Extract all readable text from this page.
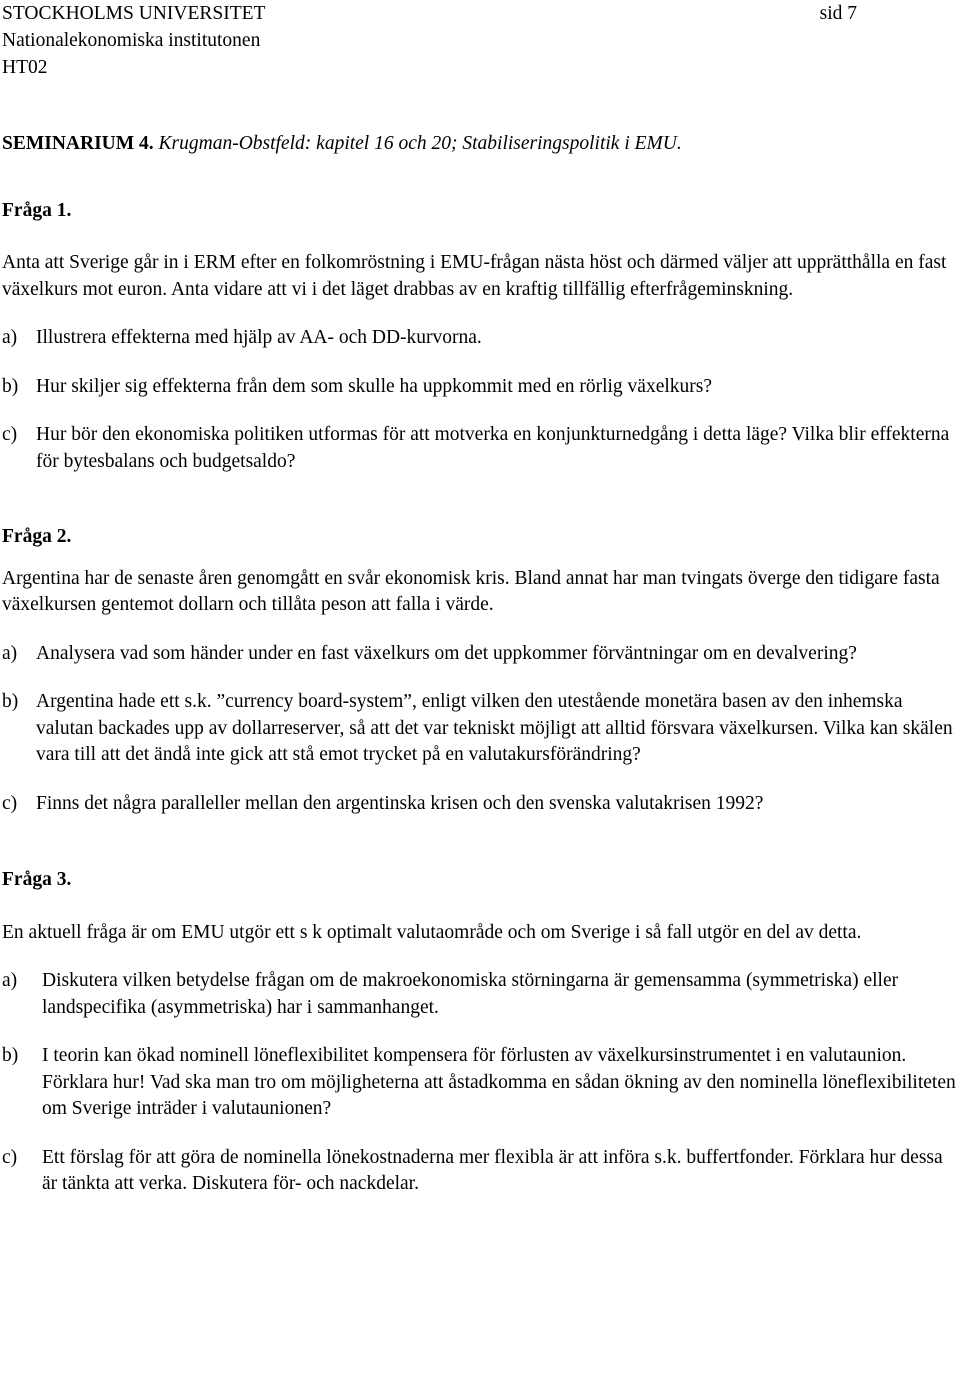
STOCKHOLMS UNIVERSITET
Nationalekonomiska institutonen
HT02
sid 7

SEMINARIUM 4. Krugman-Obstfeld: kapitel 16 och 20; Stabiliseringspolitik i EMU.

Fråga 1.

Anta att Sverige går in i ERM efter en folkomröstning i EMU-frågan nästa höst och därmed väljer att upprätthålla en fast växelkurs mot euron. Anta vidare att vi i det läget drabbas av en kraftig tillfällig efterfrågeminskning.

a) Illustrera effekterna med hjälp av AA- och DD-kurvorna.
b) Hur skiljer sig effekterna från dem som skulle ha uppkommit med en rörlig växelkurs?
c) Hur bör den ekonomiska politiken utformas för att motverka en konjunkturnedgång i detta läge? Vilka blir effekterna för bytesbalans och budgetsaldo?

Fråga 2.

Argentina har de senaste åren genomgått en svår ekonomisk kris. Bland annat har man tvingats överge den tidigare fasta växelkursen gentemot dollarn och tillåta peson att falla i värde.

a) Analysera vad som händer under en fast växelkurs om det uppkommer förväntningar om en devalvering?
b) Argentina hade ett s.k. ”currency board-system”, enligt vilken den utestående monetära basen av den inhemska valutan backades upp av dollarreserver, så att det var tekniskt möjligt att alltid försvara växelkursen. Vilka kan skälen vara till att det ändå inte gick att stå emot trycket på en valutakursförändring?
c) Finns det några paralleller mellan den argentinska krisen och den svenska valutakrisen 1992?

Fråga 3.

En aktuell fråga är om EMU utgör ett s k optimalt valutaområde och om Sverige i så fall utgör en del av detta.

a)	Diskutera vilken betydelse frågan om de makroekonomiska störningarna är gemensamma (symmetriska) eller landspecifika (asymmetriska) har i sammanhanget.
b)	I teorin kan ökad nominell löneflexibilitet kompensera för förlusten av växelkursinstrumentet i en valutaunion. Förklara hur! Vad ska man tro om möjligheterna att åstadkomma en sådan ökning av den nominella löneflexibiliteten om Sverige inträder i valutaunionen?
c)	Ett förslag för att göra de nominella lönekostnaderna mer flexibla är att införa s.k. buffertfonder. Förklara hur dessa är tänkta att verka. Diskutera för- och nackdelar.
